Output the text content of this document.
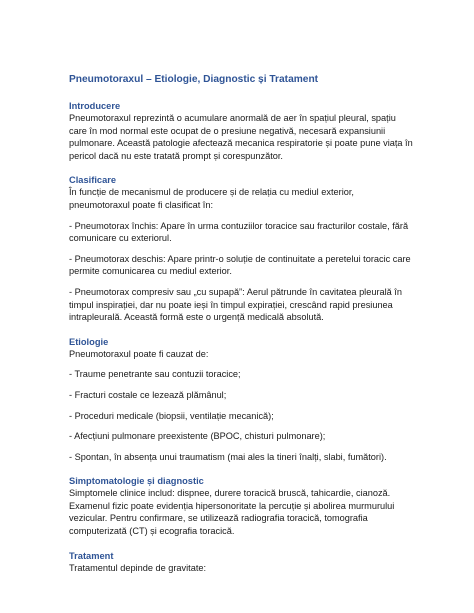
Pneumotoraxul – Etiologie, Diagnostic și Tratament
Introducere

Pneumotoraxul reprezintă o acumulare anormală de aer în spațiul pleural, spațiu care în mod normal este ocupat de o presiune negativă, necesară expansiunii pulmonare. Această patologie afectează mecanica respiratorie și poate pune viața în pericol dacă nu este tratată prompt și corespunzător.

Clasificare

În funcție de mecanismul de producere și de relația cu mediul exterior, pneumotoraxul poate fi clasificat în:

- Pneumotorax închis: Apare în urma contuziilor toracice sau fracturilor costale, fără comunicare cu exteriorul.

- Pneumotorax deschis: Apare printr-o soluție de continuitate a peretelui toracic care permite comunicarea cu mediul exterior.

- Pneumotorax compresiv sau „cu supapă”: Aerul pătrunde în cavitatea pleurală în timpul inspirației, dar nu poate ieși în timpul expirației, crescând rapid presiunea intrapleurală. Această formă este o urgență medicală absolută.

Etiologie

Pneumotoraxul poate fi cauzat de:

- Traume penetrante sau contuzii toracice;

- Fracturi costale ce lezează plămânul;

- Proceduri medicale (biopsii, ventilație mecanică);

- Afecțiuni pulmonare preexistente (BPOC, chisturi pulmonare);

- Spontan, în absența unui traumatism (mai ales la tineri înalți, slabi, fumători).

Simptomatologie și diagnostic

Simptomele clinice includ: dispnee, durere toracică bruscă, tahicardie, cianoză. Examenul fizic poate evidenția hipersonoritate la percuție și abolirea murmurului vezicular. Pentru confirmare, se utilizează radiografia toracică, tomografia computerizată (CT) și ecografia toracică.

Tratament

Tratamentul depinde de gravitate:
